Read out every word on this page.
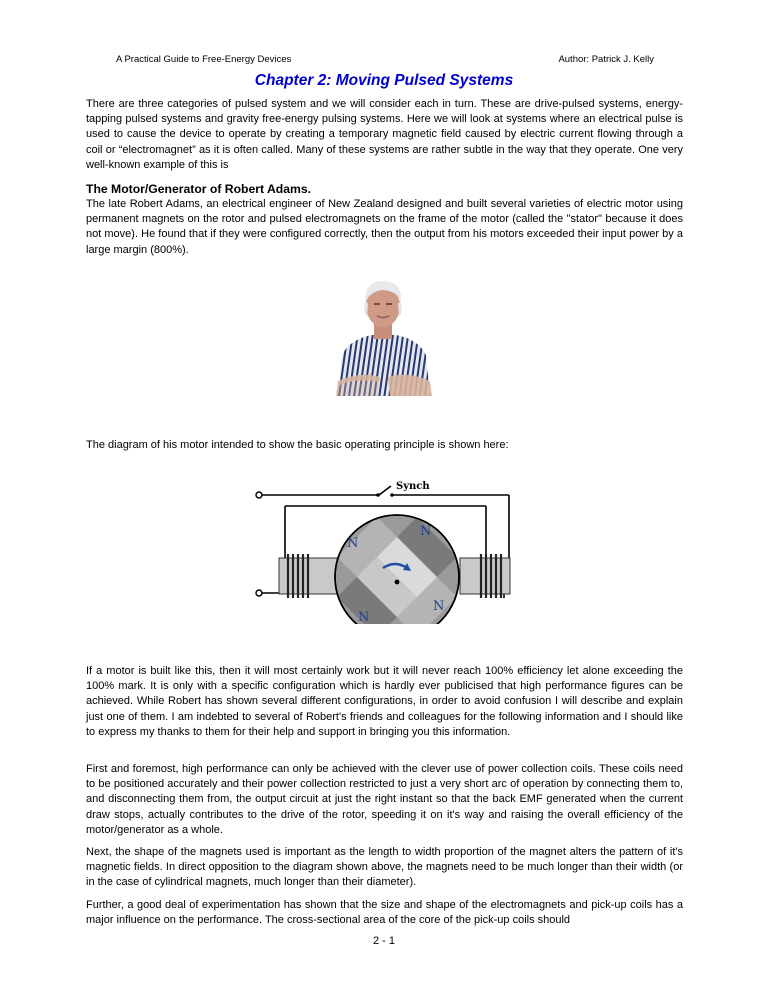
A Practical Guide to Free-Energy Devices	Author: Patrick J. Kelly
Chapter 2: Moving Pulsed Systems

There are three categories of pulsed system and we will consider each in turn. These are drive-pulsed systems, energy-tapping pulsed systems and gravity free-energy pulsing systems. Here we will look at systems where an electrical pulse is used to cause the device to operate by creating a temporary magnetic field caused by electric current flowing through a coil or “electromagnet” as it is often called. Many of these systems are rather subtle in the way that they operate. One very well-known example of this is

The Motor/Generator of Robert Adams.

The late Robert Adams, an electrical engineer of New Zealand designed and built several varieties of electric motor using permanent magnets on the rotor and pulsed electromagnets on the frame of the motor (called the "stator" because it does not move). He found that if they were configured correctly, then the output from his motors exceeded their input power by a large margin (800%).

The diagram of his motor intended to show the basic operating principle is shown here:

Synch
N
N
N
N

If a motor is built like this, then it will most certainly work but it will never reach 100% efficiency let alone exceeding the 100% mark. It is only with a specific configuration which is hardly ever publicised that high performance figures can be achieved. While Robert has shown several different configurations, in order to avoid confusion I will describe and explain just one of them. I am indebted to several of Robert's friends and colleagues for the following information and I should like to express my thanks to them for their help and support in bringing you this information.

First and foremost, high performance can only be achieved with the clever use of power collection coils. These coils need to be positioned accurately and their power collection restricted to just a very short arc of operation by connecting them to, and disconnecting them from, the output circuit at just the right instant so that the back EMF generated when the current draw stops, actually contributes to the drive of the rotor, speeding it on it's way and raising the overall efficiency of the motor/generator as a whole.

Next, the shape of the magnets used is important as the length to width proportion of the magnet alters the pattern of it's magnetic fields. In direct opposition to the diagram shown above, the magnets need to be much longer than their width (or in the case of cylindrical magnets, much longer than their diameter).

Further, a good deal of experimentation has shown that the size and shape of the electromagnets and pick-up coils has a major influence on the performance. The cross-sectional area of the core of the pick-up coils should

2 - 1
